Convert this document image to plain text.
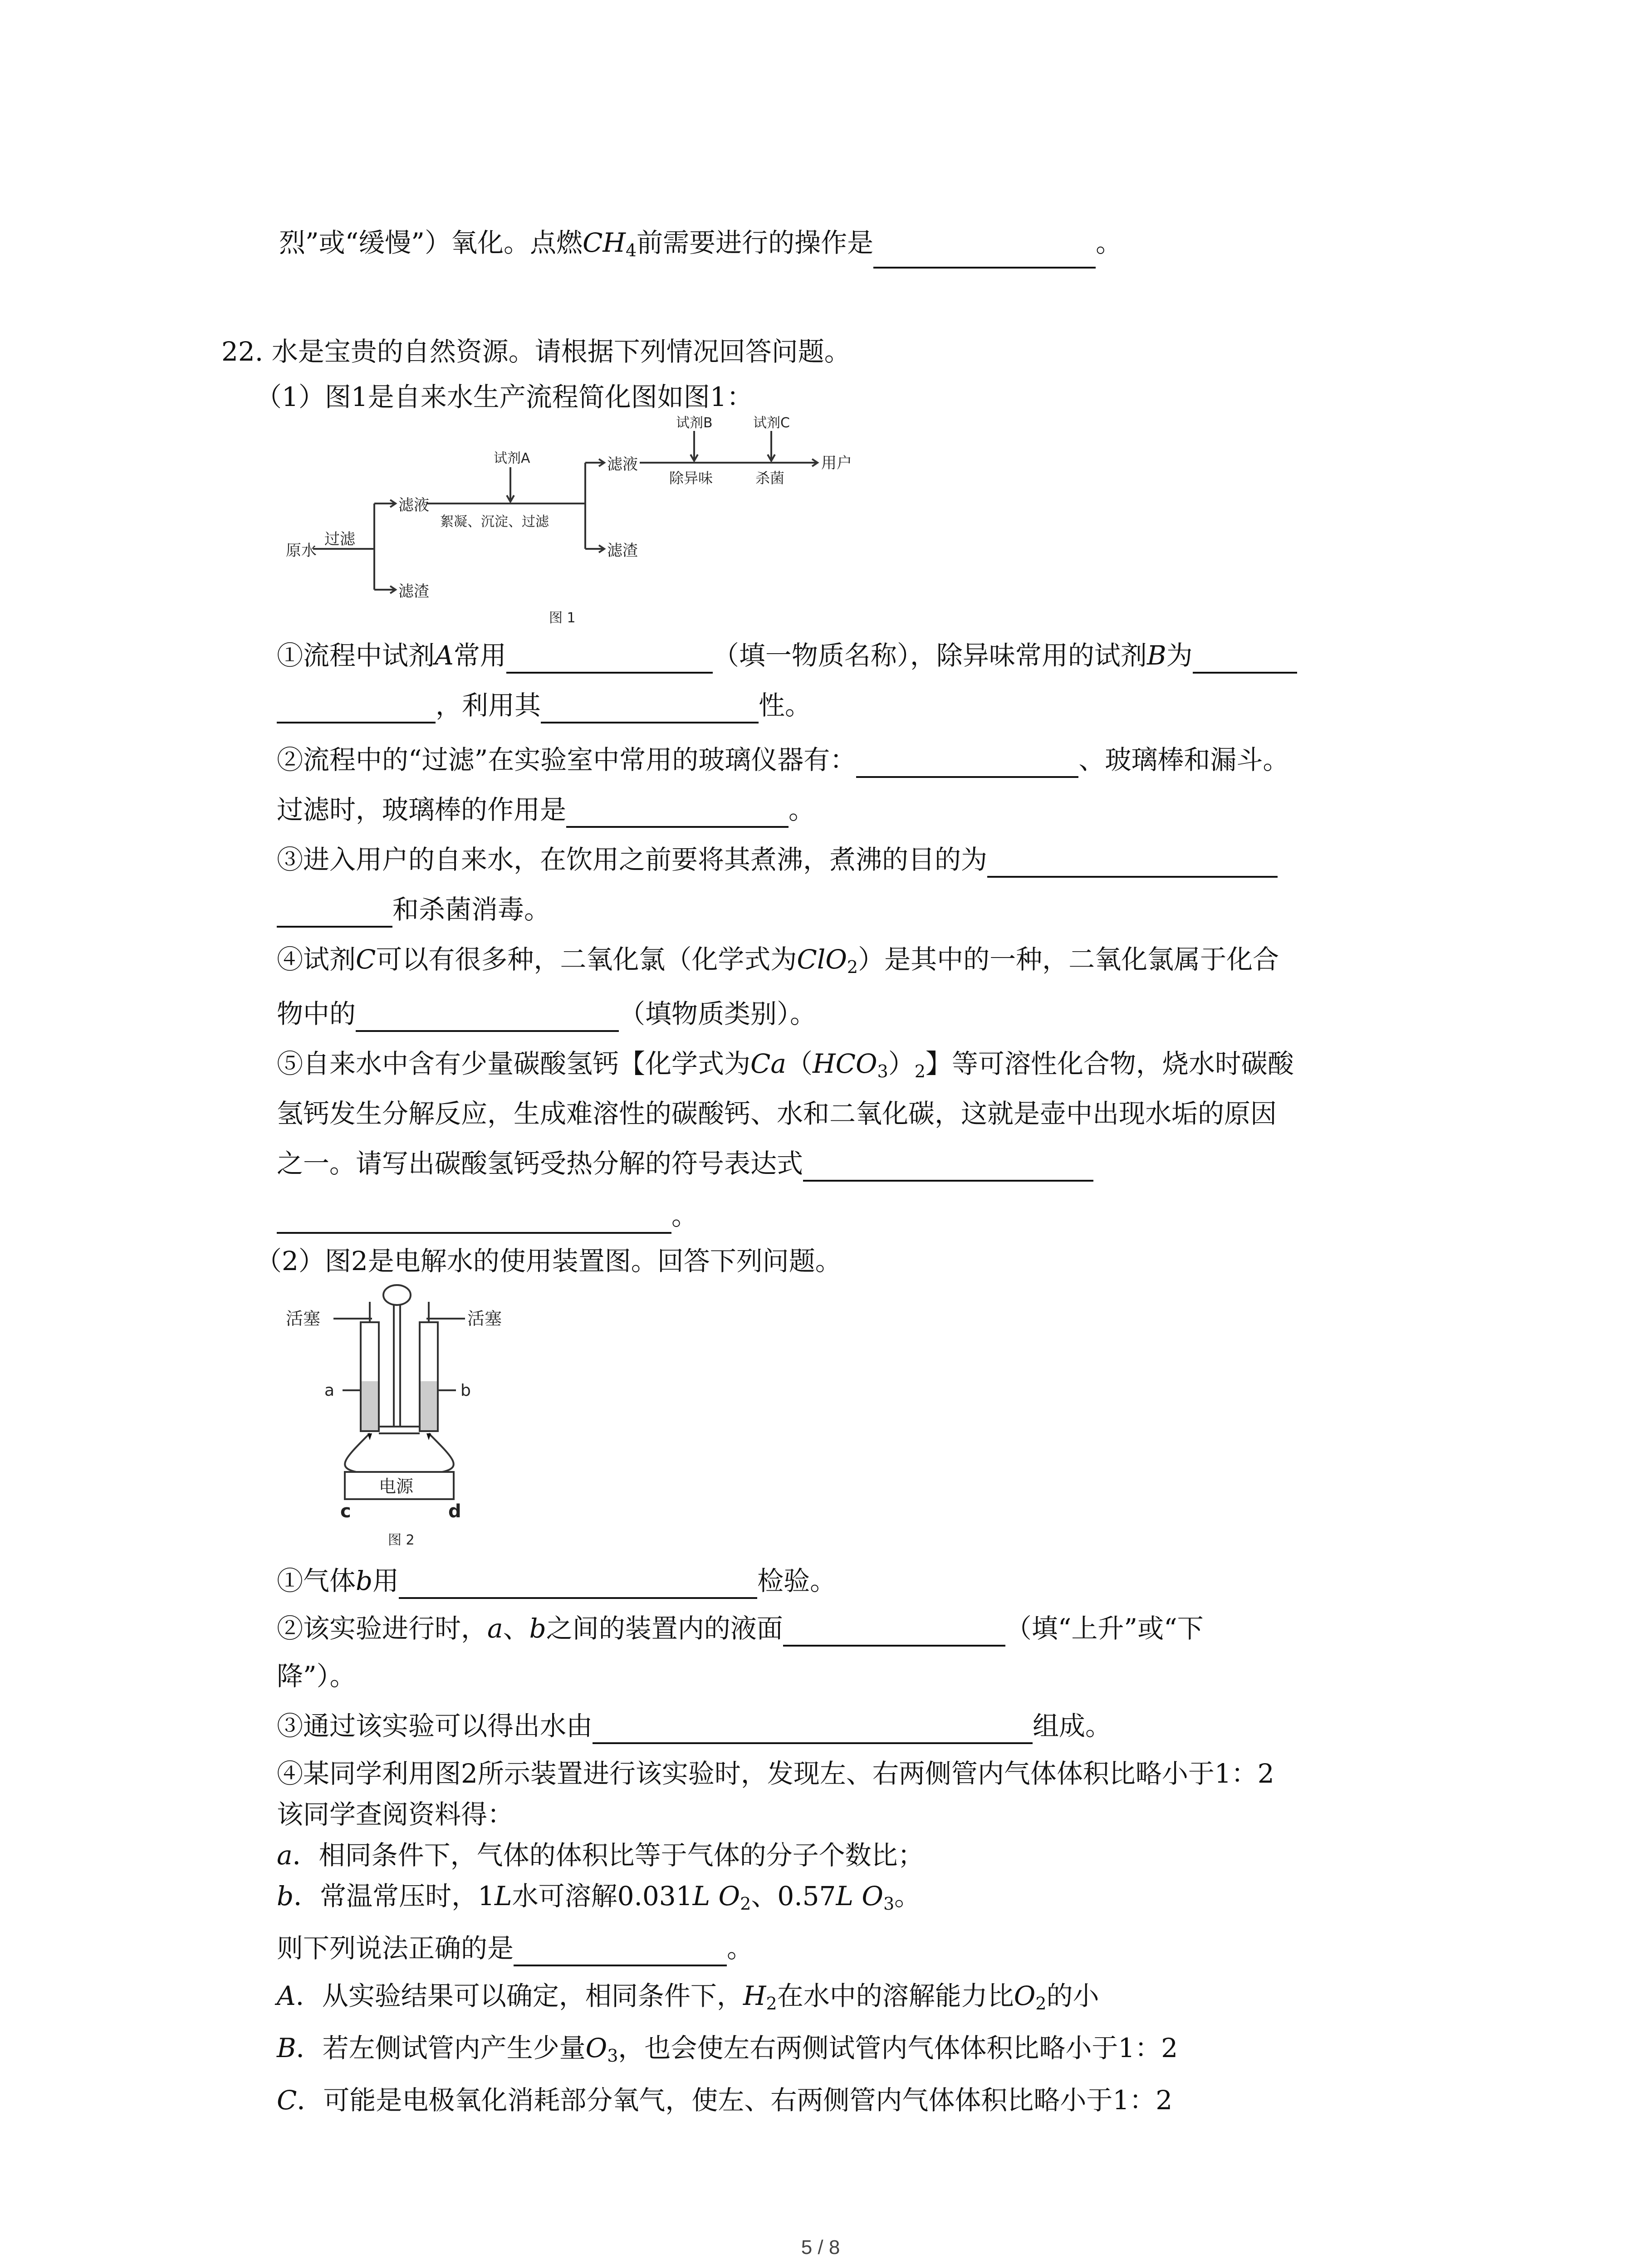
烈”或“缓慢”）氧化。点燃$CH_4$前需要进行的操作是	。
22. 水是宝贵的自然资源。请根据下列情况回答问题。
（1）图1是自来水生产流程简化图如图1：
原水
过滤
滤液
滤渣
试剂A
絮凝、沉淀、过滤
滤液
滤渣
试剂B
除异味
试剂C
杀菌
用户
图 1
①流程中试剂A常用	（填一物质名称），除异味常用的试剂B为
，利用其	性。
②流程中的“过滤”在实验室中常用的玻璃仪器有：	、玻璃棒和漏斗。
过滤时，玻璃棒的作用是	。
③进入用户的自来水，在饮用之前要将其煮沸，煮沸的目的为
和杀菌消毒。
④试剂C可以有很多种，二氧化氯（化学式为ClO$_2$）是其中的一种，二氧化氯属于化合
物中的	（填物质类别）。
⑤自来水中含有少量碳酸氢钙【化学式为$Ca(HCO_3)_2$】等可溶性化合物，烧水时碳酸
氢钙发生分解反应，生成难溶性的碳酸钙、水和二氧化碳，这就是壶中出现水垢的原因
之一。请写出碳酸氢钙受热分解的符号表达式
。
（2）图2是电解水的使用装置图。回答下列问题。
活塞	活塞
a	b
电源
c	d
图 2
①气体b用	检验。
②该实验进行时，a、b之间的装置内的液面	（填“上升”或“下
降”）。
③通过该实验可以得出水由	组成。
④某同学利用图2所示装置进行该实验时，发现左、右两侧管内气体体积比略小于1：2
该同学查阅资料得：
a．相同条件下，气体的体积比等于气体的分子个数比；
b．常温常压时，1L水可溶解0.031L $O_2$、0.57L $O_3$。
则下列说法正确的是	。
A．从实验结果可以确定，相同条件下，$H_2$在水中的溶解能力比$O_2$的小
B．若左侧试管内产生少量$O_3$，也会使左右两侧试管内气体体积比略小于1：2
C．可能是电极氧化消耗部分氧气，使左、右两侧管内气体体积比略小于1：2
5 / 8
